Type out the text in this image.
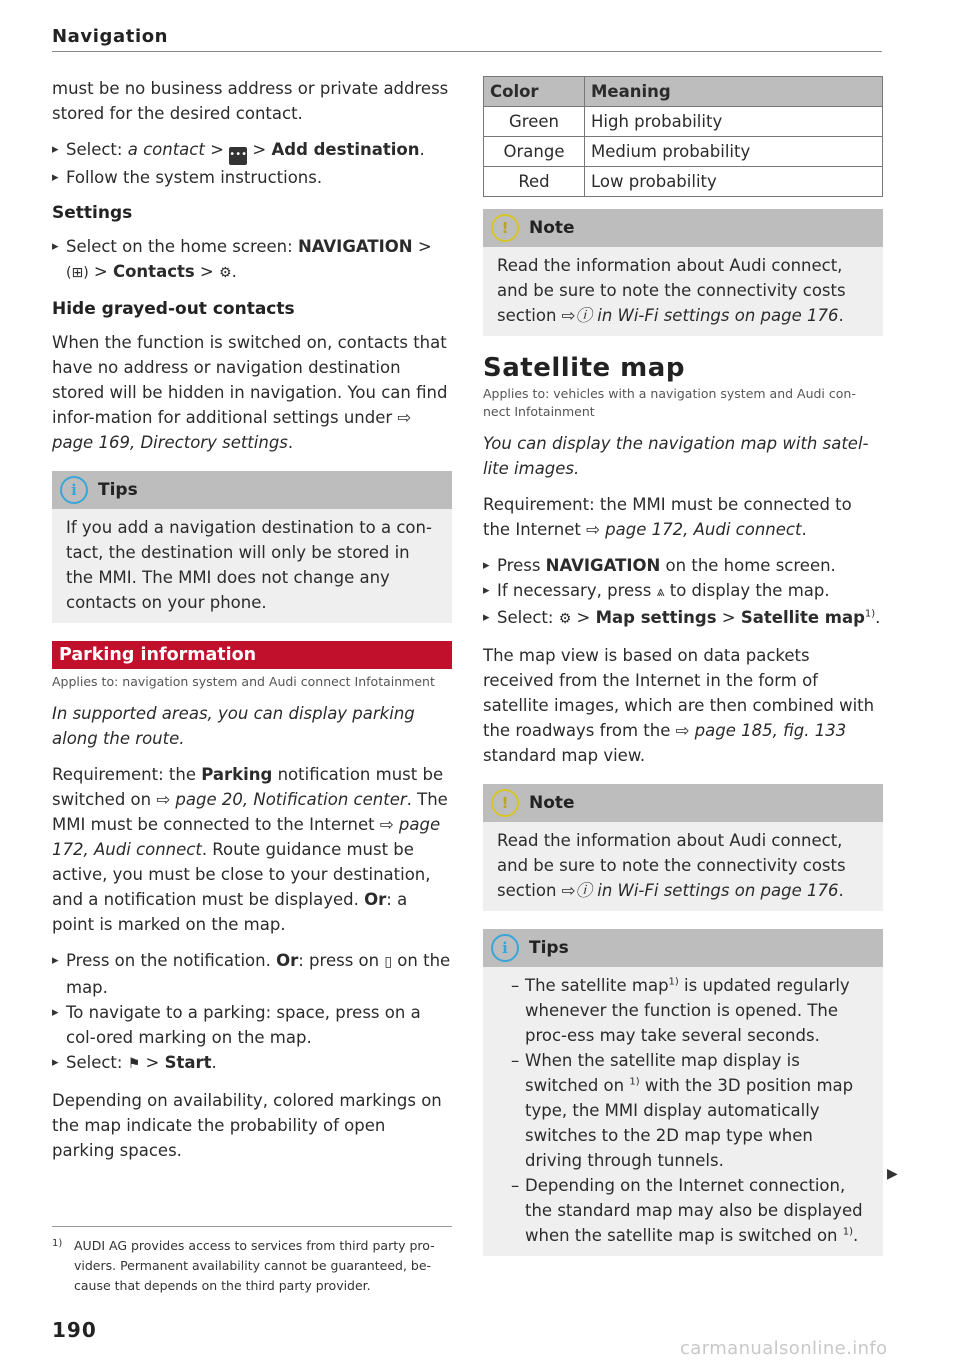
Navigation

must be no business address or private address stored for the desired contact.

▸ Select: a contact > ••• > Add destination.
▸ Follow the system instructions.
Settings
▸ Select on the home screen: NAVIGATION > (⊞) > Contacts > ⚙.
Hide grayed-out contacts

When the function is switched on, contacts that have no address or navigation destination stored will be hidden in navigation. You can find infor-mation for additional settings under ⇨ page 169, Directory settings.

i	Tips
If you add a navigation destination to a con-tact, the destination will only be stored in the MMI. The MMI does not change any contacts on your phone.
Parking information
Applies to: navigation system and Audi connect Infotainment

In supported areas, you can display parking along the route.

Requirement: the Parking notification must be switched on ⇨ page 20, Notification center. The MMI must be connected to the Internet ⇨ page 172, Audi connect. Route guidance must be active, you must be close to your destination, and a notification must be displayed. Or: a point is marked on the map.

▸ Press on the notification. Or: press on ▯ on the map.
▸ To navigate to a parking: space, press on a col-ored marking on the map.
▸ Select: ⚑ > Start.

Depending on availability, colored markings on the map indicate the probability of open parking spaces.

Color	Meaning
Green	High probability
Orange	Medium probability
Red	Low probability
!	Note
Read the information about Audi connect, and be sure to note the connectivity costs section ⇨ⓘ in Wi-Fi settings on page 176.
Satellite map
Applies to: vehicles with a navigation system and Audi con-nect Infotainment

You can display the navigation map with satel-lite images.

Requirement: the MMI must be connected to the Internet ⇨ page 172, Audi connect.

▸ Press NAVIGATION on the home screen.
▸ If necessary, press ⩓ to display the map.
▸ Select: ⚙ > Map settings > Satellite map$^{1)}$.

The map view is based on data packets received from the Internet in the form of satellite images, which are then combined with the roadways from the ⇨ page 185, fig. 133 standard map view.

!	Note
Read the information about Audi connect, and be sure to note the connectivity costs section ⇨ⓘ in Wi-Fi settings on page 176.
i	Tips
– The satellite map$^{1)}$ is updated regularly whenever the function is opened. The proc-ess may take several seconds.
– When the satellite map display is switched on $^{1)}$ with the 3D position map type, the MMI display automatically switches to the 2D map type when driving through tunnels.
– Depending on the Internet connection, the standard map may also be displayed when the satellite map is switched on $^{1)}$.
▶
1) AUDI AG provides access to services from third party pro-viders. Permanent availability cannot be guaranteed, be-cause that depends on the third party provider.
190
carmanualsonline.info
